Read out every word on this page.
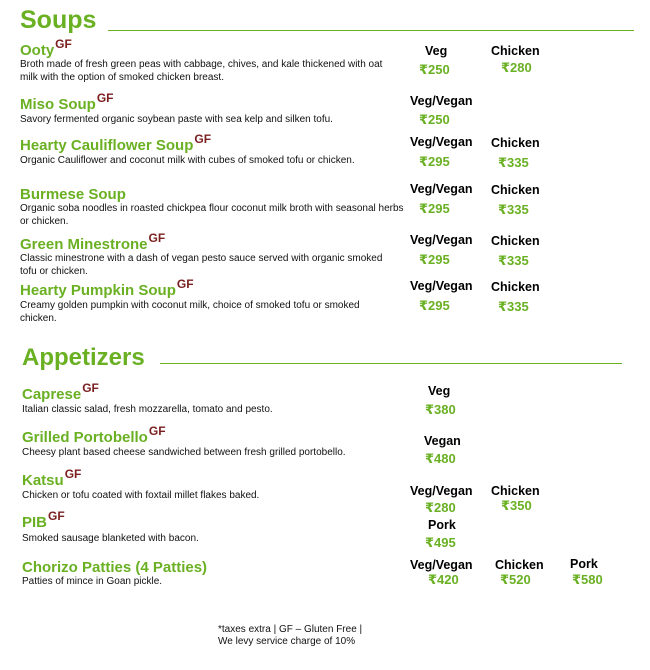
Soups
Ooty$^{GF}$
Broth made of fresh green peas with cabbage, chives, and kale thickened with oat milk with the option of smoked chicken breast.
Veg
₹250
Chicken
₹280
Miso Soup$^{GF}$
Savory fermented organic soybean paste with sea kelp and silken tofu.
Veg/Vegan
₹250
Hearty Cauliflower Soup$^{GF}$
Organic Cauliflower and coconut milk with cubes of smoked tofu or chicken.
Veg/Vegan
₹295
Chicken
₹335
Burmese Soup
Organic soba noodles in roasted chickpea flour coconut milk broth with seasonal herbs or chicken.
Veg/Vegan
₹295
Chicken
₹335
Green Minestrone$^{GF}$
Classic minestrone with a dash of vegan pesto sauce served with organic smoked tofu or chicken.
Veg/Vegan
₹295
Chicken
₹335
Hearty Pumpkin Soup$^{GF}$
Creamy golden pumpkin with coconut milk, choice of smoked tofu or smoked chicken.
Veg/Vegan
₹295
Chicken
₹335
Appetizers
Caprese$^{GF}$
Italian classic salad, fresh mozzarella, tomato and pesto.
Veg
₹380
Grilled Portobello$^{GF}$
Cheesy plant based cheese sandwiched between fresh grilled portobello.
Vegan
₹480
Katsu$^{GF}$
Chicken or tofu coated with foxtail millet flakes baked.	Veg/Vegan
₹280
Chicken
₹350
$PIB^{GF}$
Smoked sausage blanketed with bacon.
Pork
₹495
Chorizo Patties (4 Patties)
Patties of mince in Goan pickle.
Veg/Vegan
₹420
Chicken
₹520
Pork
₹580
*taxes extra | GF – Gluten Free |
We levy service charge of 10%
